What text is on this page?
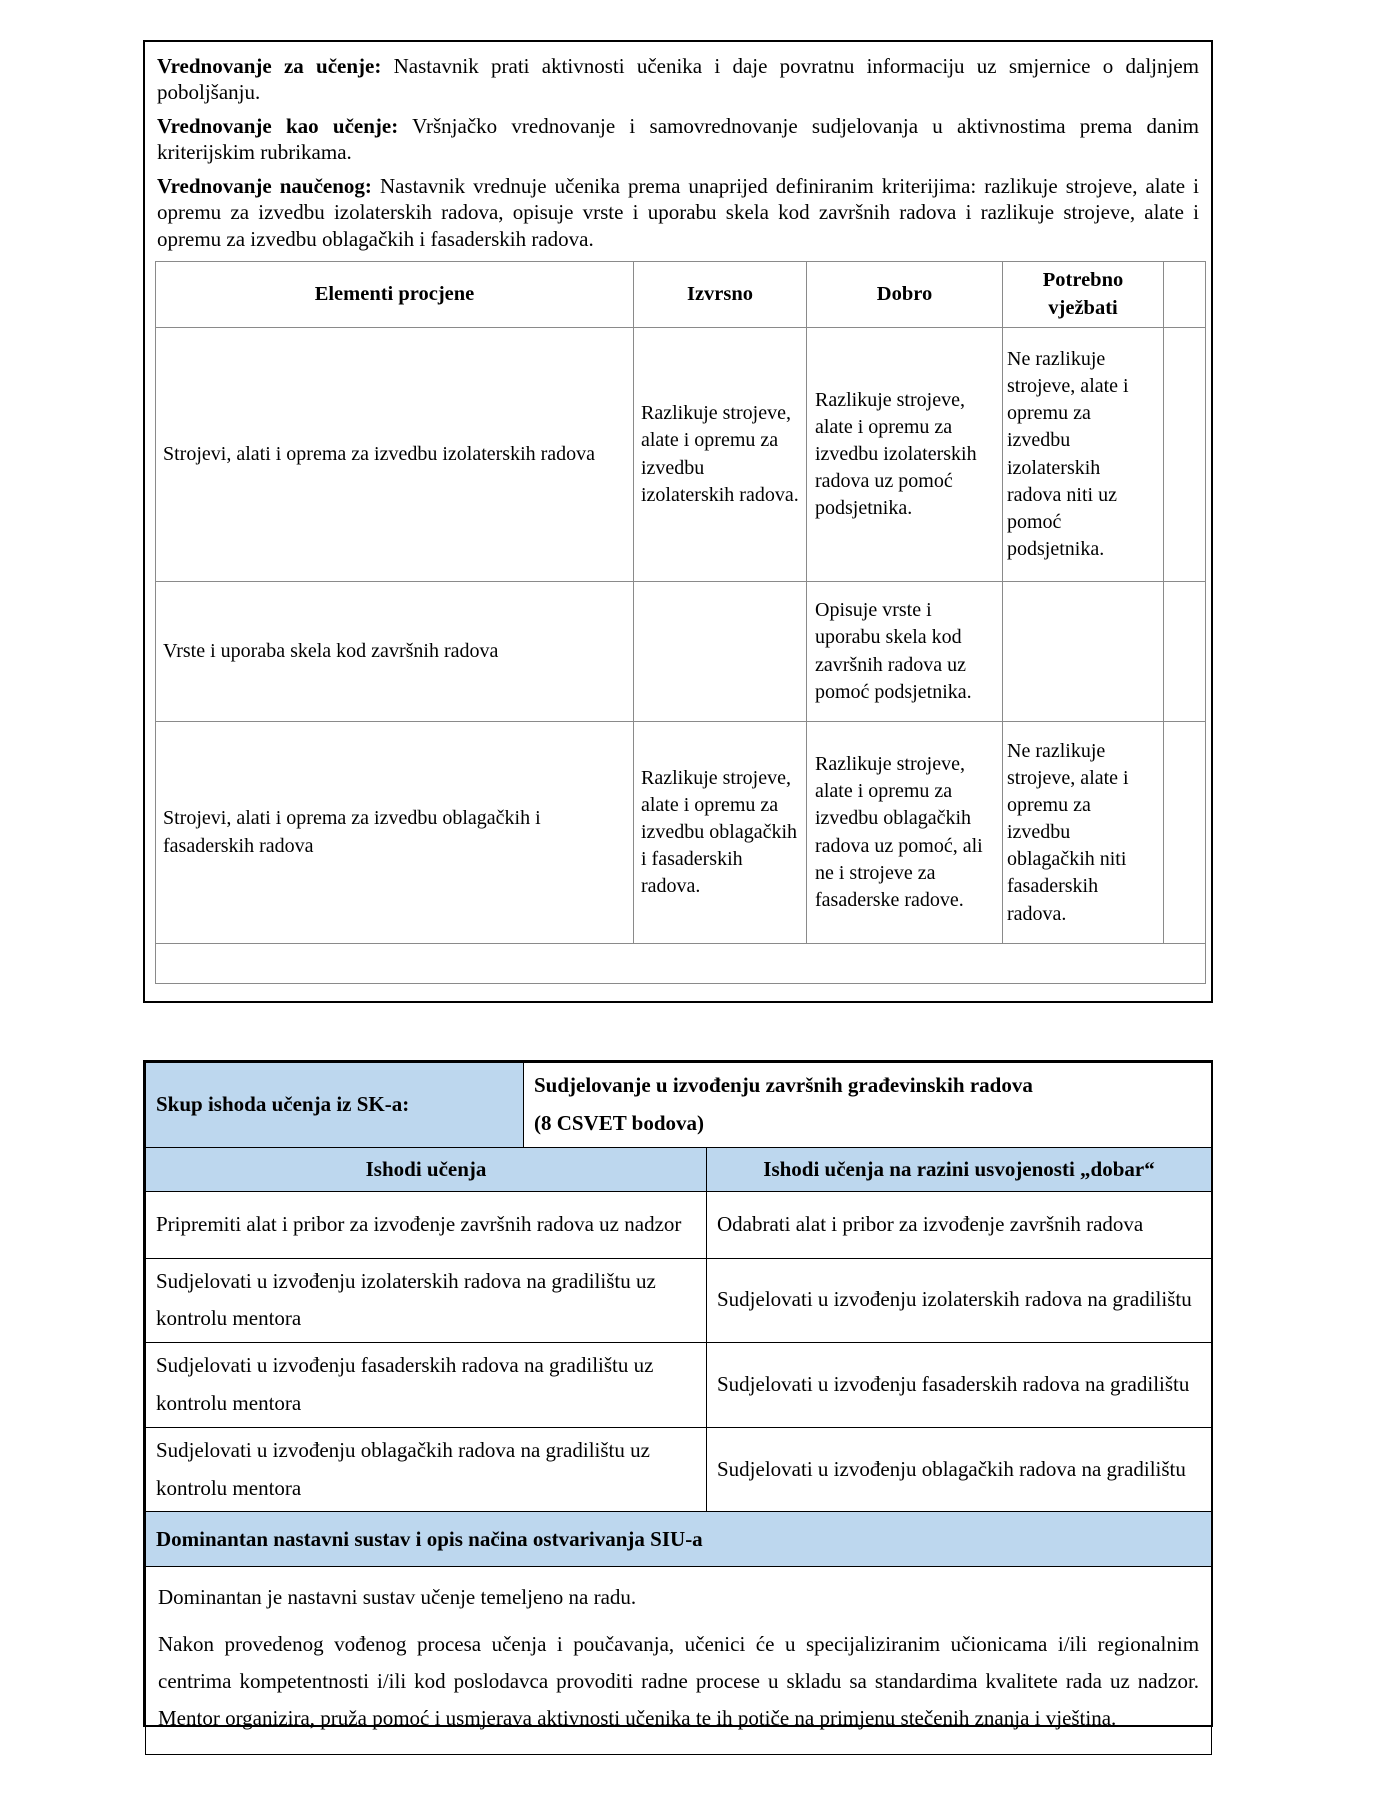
Vrednovanje za učenje: Nastavnik prati aktivnosti učenika i daje povratnu informaciju uz smjernice o daljnjem poboljšanju.

Vrednovanje kao učenje: Vršnjačko vrednovanje i samovrednovanje sudjelovanja u aktivnostima prema danim kriterijskim rubrikama.

Vrednovanje naučenog: Nastavnik vrednuje učenika prema unaprijed definiranim kriterijima: razlikuje strojeve, alate i opremu za izvedbu izolaterskih radova, opisuje vrste i uporabu skela kod završnih radova i razlikuje strojeve, alate i opremu za izvedbu oblagačkih i fasaderskih radova.

Elementi procjene	Izvrsno	Dobro	Potrebno vježbati	
Strojevi, alati i oprema za izvedbu izolaterskih radova	Razlikuje strojeve, alate i opremu za izvedbu izolaterskih radova.	Razlikuje strojeve, alate i opremu za izvedbu izolaterskih radova uz pomoć podsjetnika.	Ne razlikuje strojeve, alate i opremu za izvedbu izolaterskih radova niti uz pomoć podsjetnika.	
Vrste i uporaba skela kod završnih radova		Opisuje vrste i uporabu skela kod završnih radova uz pomoć podsjetnika.		
Strojevi, alati i oprema za izvedbu oblagačkih i fasaderskih radova	Razlikuje strojeve, alate i opremu za izvedbu oblagačkih i fasaderskih radova.	Razlikuje strojeve, alate i opremu za izvedbu oblagačkih radova uz pomoć, ali ne i strojeve za fasaderske radove.	Ne razlikuje strojeve, alate i opremu za izvedbu oblagačkih niti fasaderskih radova.	

Skup ishoda učenja iz SK-a:	Sudjelovanje u izvođenju završnih građevinskih radova
(8 CSVET bodova)	
Ishodi učenja		Ishodi učenja na razini usvojenosti „dobar“
Pripremiti alat i pribor za izvođenje završnih radova uz nadzor		Odabrati alat i pribor za izvođenje završnih radova
Sudjelovati u izvođenju izolaterskih radova na gradilištu uz kontrolu mentora		Sudjelovati u izvođenju izolaterskih radova na gradilištu
Sudjelovati u izvođenju fasaderskih radova na gradilištu uz kontrolu mentora		Sudjelovati u izvođenju fasaderskih radova na gradilištu
Sudjelovati u izvođenju oblagačkih radova na gradilištu uz kontrolu mentora		Sudjelovati u izvođenju oblagačkih radova na gradilištu
Dominantan nastavni sustav i opis načina ostvarivanja SIU-a		

Dominantan je nastavni sustav učenje temeljeno na radu.

Nakon provedenog vođenog procesa učenja i poučavanja, učenici će u specijaliziranim učionicama i/ili regionalnim centrima kompetentnosti i/ili kod poslodavca provoditi radne procese u skladu sa standardima kvalitete rada uz nadzor. Mentor organizira, pruža pomoć i usmjerava aktivnosti učenika te ih potiče na primjenu stečenih znanja i vještina.		
